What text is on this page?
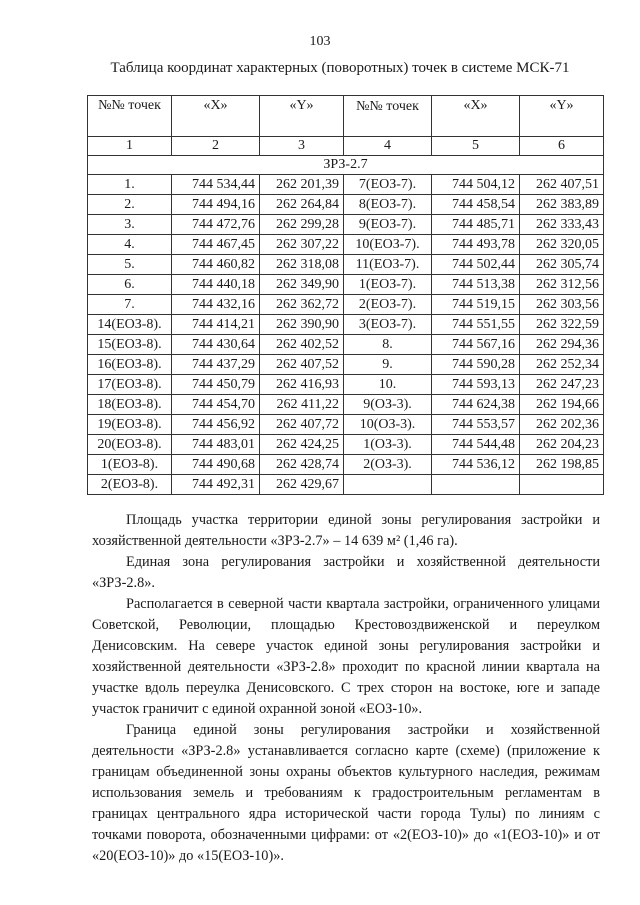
103
Таблица координат характерных (поворотных) точек в системе МСК-71
№№ точек	«X»	«Y»	№№ точек	«X»	«Y»
1	2	3	4	5	6
ЗРЗ-2.7					
1.	744 534,44	262 201,39	7(ЕОЗ-7).	744 504,12	262 407,51
2.	744 494,16	262 264,84	8(ЕОЗ-7).	744 458,54	262 383,89
3.	744 472,76	262 299,28	9(ЕОЗ-7).	744 485,71	262 333,43
4.	744 467,45	262 307,22	10(ЕОЗ-7).	744 493,78	262 320,05
5.	744 460,82	262 318,08	11(ЕОЗ-7).	744 502,44	262 305,74
6.	744 440,18	262 349,90	1(ЕОЗ-7).	744 513,38	262 312,56
7.	744 432,16	262 362,72	2(ЕОЗ-7).	744 519,15	262 303,56
14(ЕОЗ-8).	744 414,21	262 390,90	3(ЕОЗ-7).	744 551,55	262 322,59
15(ЕОЗ-8).	744 430,64	262 402,52	8.	744 567,16	262 294,36
16(ЕОЗ-8).	744 437,29	262 407,52	9.	744 590,28	262 252,34
17(ЕОЗ-8).	744 450,79	262 416,93	10.	744 593,13	262 247,23
18(ЕОЗ-8).	744 454,70	262 411,22	9(ОЗ-3).	744 624,38	262 194,66
19(ЕОЗ-8).	744 456,92	262 407,72	10(ОЗ-3).	744 553,57	262 202,36
20(ЕОЗ-8).	744 483,01	262 424,25	1(ОЗ-3).	744 544,48	262 204,23
1(ЕОЗ-8).	744 490,68	262 428,74	2(ОЗ-3).	744 536,12	262 198,85
2(ЕОЗ-8).	744 492,31	262 429,67			

Площадь участка территории единой зоны регулирования застройки и хозяйственной деятельности «ЗРЗ-2.7» – 14 639 м² (1,46 га).

Единая зона регулирования застройки и хозяйственной деятельности «ЗРЗ-2.8».

Располагается в северной части квартала застройки, ограниченного улицами Советской, Революции, площадью Крестовоздвиженской и переулком Денисовским. На севере участок единой зоны регулирования застройки и хозяйственной деятельности «ЗРЗ-2.8» проходит по красной линии квартала на участке вдоль переулка Денисовского. С трех сторон на востоке, юге и западе участок граничит с единой охранной зоной «ЕОЗ-10».

Граница единой зоны регулирования застройки и хозяйственной деятельности «ЗРЗ-2.8» устанавливается согласно карте (схеме) (приложение к границам объединенной зоны охраны объектов культурного наследия, режимам использования земель и требованиям к градостроительным регламентам в границах центрального ядра исторической части города Тулы) по линиям с точками поворота, обозначенными цифрами: от «2(ЕОЗ-10)» до «1(ЕОЗ-10)» и от «20(ЕОЗ-10)» до «15(ЕОЗ-10)».
